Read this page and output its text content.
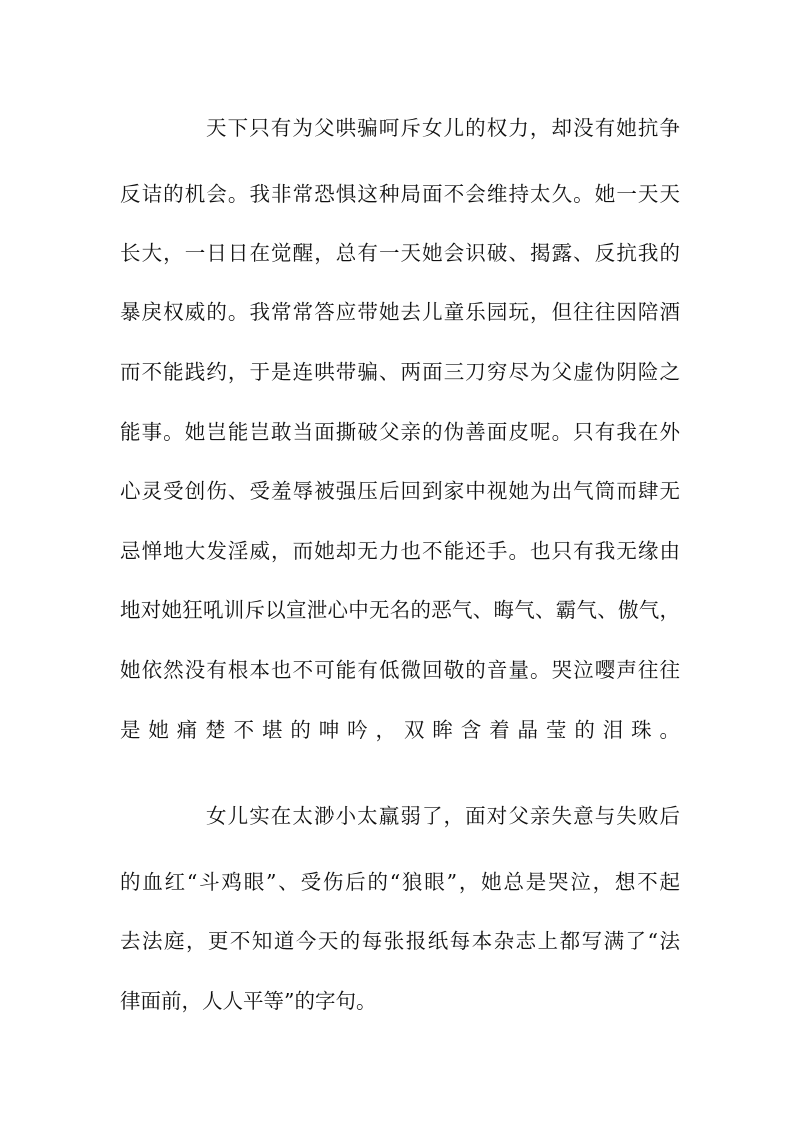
天下只有为父哄骗呵斥女儿的权力，却没有她抗争
反诘的机会。我非常恐惧这种局面不会维持太久。她一天天
长大，一日日在觉醒，总有一天她会识破、揭露、反抗我的
暴戾权威的。我常常答应带她去儿童乐园玩，但往往因陪酒
而不能践约，于是连哄带骗、两面三刀穷尽为父虚伪阴险之
能事。她岂能岂敢当面撕破父亲的伪善面皮呢。只有我在外
心灵受创伤、受羞辱被强压后回到家中视她为出气筒而肆无
忌惮地大发淫威，而她却无力也不能还手。也只有我无缘由
地对她狂吼训斥以宣泄心中无名的恶气、晦气、霸气、傲气，
她依然没有根本也不可能有低微回敬的音量。哭泣嘤声往往
是她痛楚不堪的呻吟，双眸含着晶莹的泪珠。
女儿实在太渺小太羸弱了，面对父亲失意与失败后
的血红“斗鸡眼”、受伤后的“狼眼”，她总是哭泣，想不起
去法庭，更不知道今天的每张报纸每本杂志上都写满了“法
律面前，人人平等”的字句。
